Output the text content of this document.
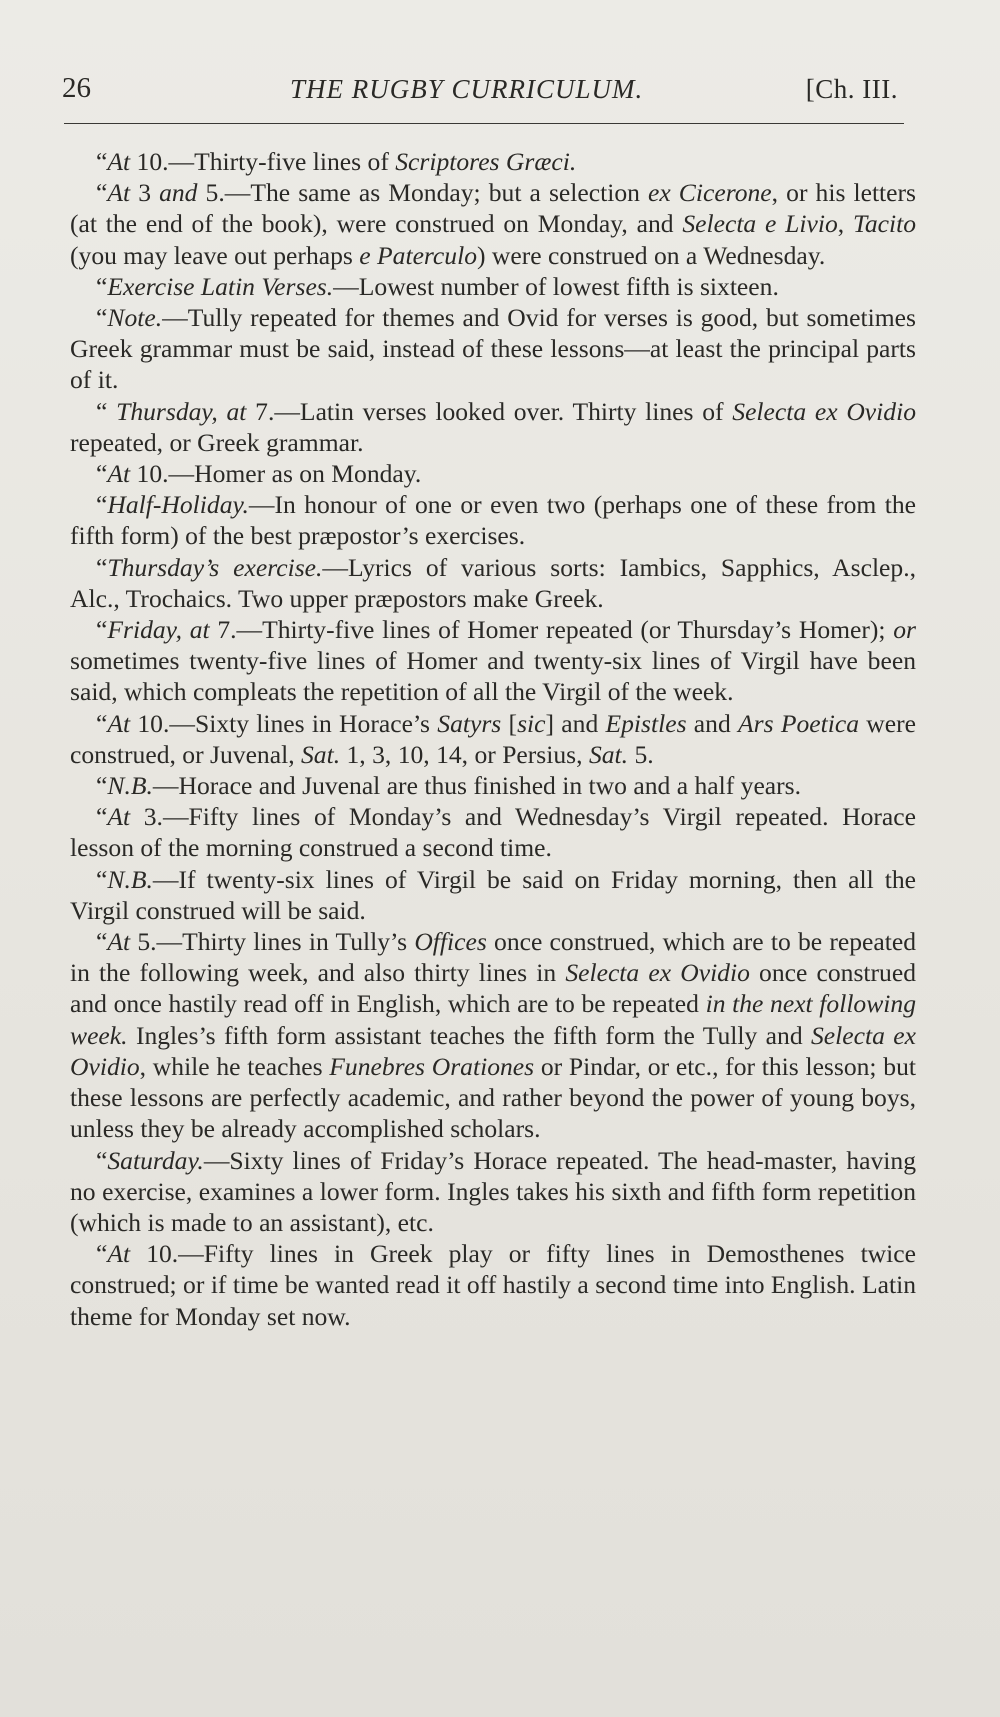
26	THE RUGBY CURRICULUM.	[Ch. III.

“At 10.—Thirty-five lines of Scriptores Græci.

“At 3 and 5.—The same as Monday; but a selection ex Cicerone, or his letters (at the end of the book), were construed on Monday, and Selecta e Livio, Tacito (you may leave out perhaps e Paterculo) were construed on a Wednesday.

“Exercise Latin Verses.—Lowest number of lowest fifth is sixteen.

“Note.—Tully repeated for themes and Ovid for verses is good, but sometimes Greek grammar must be said, instead of these lessons—at least the principal parts of it.

“ Thursday, at 7.—Latin verses looked over. Thirty lines of Selecta ex Ovidio repeated, or Greek grammar.

“At 10.—Homer as on Monday.

“Half-Holiday.—In honour of one or even two (perhaps one of these from the fifth form) of the best præpostor’s exercises.

“Thursday’s exercise.—Lyrics of various sorts: Iambics, Sapphics, Asclep., Alc., Trochaics. Two upper præpostors make Greek.

“Friday, at 7.—Thirty-five lines of Homer repeated (or Thursday’s Homer); or sometimes twenty-five lines of Homer and twenty-six lines of Virgil have been said, which compleats the repetition of all the Virgil of the week.

“At 10.—Sixty lines in Horace’s Satyrs [sic] and Epistles and Ars Poetica were construed, or Juvenal, Sat. 1, 3, 10, 14, or Persius, Sat. 5.

“N.B.—Horace and Juvenal are thus finished in two and a half years.

“At 3.—Fifty lines of Monday’s and Wednesday’s Virgil repeated. Horace lesson of the morning construed a second time.

“N.B.—If twenty-six lines of Virgil be said on Friday morning, then all the Virgil construed will be said.

“At 5.—Thirty lines in Tully’s Offices once construed, which are to be repeated in the following week, and also thirty lines in Selecta ex Ovidio once construed and once hastily read off in English, which are to be repeated in the next following week. Ingles’s fifth form assistant teaches the fifth form the Tully and Selecta ex Ovidio, while he teaches Funebres Orationes or Pindar, or etc., for this lesson; but these lessons are perfectly academic, and rather beyond the power of young boys, unless they be already accomplished scholars.

“Saturday.—Sixty lines of Friday’s Horace repeated. The head-master, having no exercise, examines a lower form. Ingles takes his sixth and fifth form repetition (which is made to an assistant), etc.

“At 10.—Fifty lines in Greek play or fifty lines in Demosthenes twice construed; or if time be wanted read it off hastily a second time into English. Latin theme for Monday set now.
